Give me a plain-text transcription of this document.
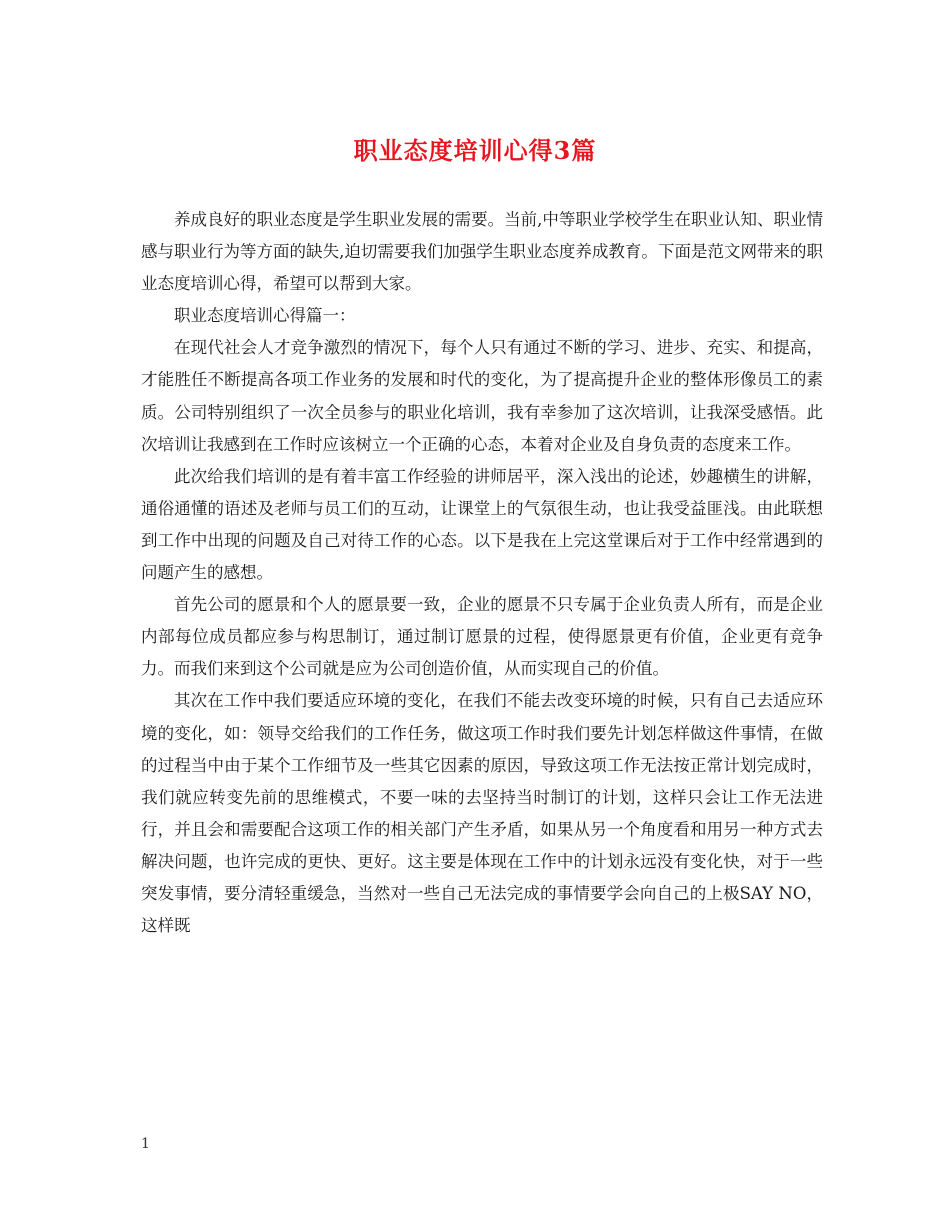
职业态度培训心得3篇

养成良好的职业态度是学生职业发展的需要。当前,中等职业学校学生在职业认知、职业情感与职业行为等方面的缺失,迫切需要我们加强学生职业态度养成教育。下面是范文网带来的职业态度培训心得，希望可以帮到大家。

职业态度培训心得篇一：

在现代社会人才竞争激烈的情况下，每个人只有通过不断的学习、进步、充实、和提高，才能胜任不断提高各项工作业务的发展和时代的变化，为了提高提升企业的整体形像员工的素质。公司特别组织了一次全员参与的职业化培训，我有幸参加了这次培训，让我深受感悟。此次培训让我感到在工作时应该树立一个正确的心态，本着对企业及自身负责的态度来工作。

此次给我们培训的是有着丰富工作经验的讲师居平，深入浅出的论述，妙趣横生的讲解，通俗通懂的语述及老师与员工们的互动，让课堂上的气氛很生动，也让我受益匪浅。由此联想到工作中出现的问题及自己对待工作的心态。以下是我在上完这堂课后对于工作中经常遇到的问题产生的感想。

首先公司的愿景和个人的愿景要一致，企业的愿景不只专属于企业负责人所有，而是企业内部每位成员都应参与构思制订，通过制订愿景的过程，使得愿景更有价值，企业更有竞争力。而我们来到这个公司就是应为公司创造价值，从而实现自己的价值。

其次在工作中我们要适应环境的变化，在我们不能去改变环境的时候，只有自己去适应环境的变化，如：领导交给我们的工作任务，做这项工作时我们要先计划怎样做这件事情，在做的过程当中由于某个工作细节及一些其它因素的原因，导致这项工作无法按正常计划完成时，我们就应转变先前的思维模式，不要一味的去坚持当时制订的计划，这样只会让工作无法进行，并且会和需要配合这项工作的相关部门产生矛盾，如果从另一个角度看和用另一种方式去解决问题，也许完成的更快、更好。这主要是体现在工作中的计划永远没有变化快，对于一些突发事情，要分清轻重缓急，当然对一些自己无法完成的事情要学会向自己的上极SAY NO，这样既

1
